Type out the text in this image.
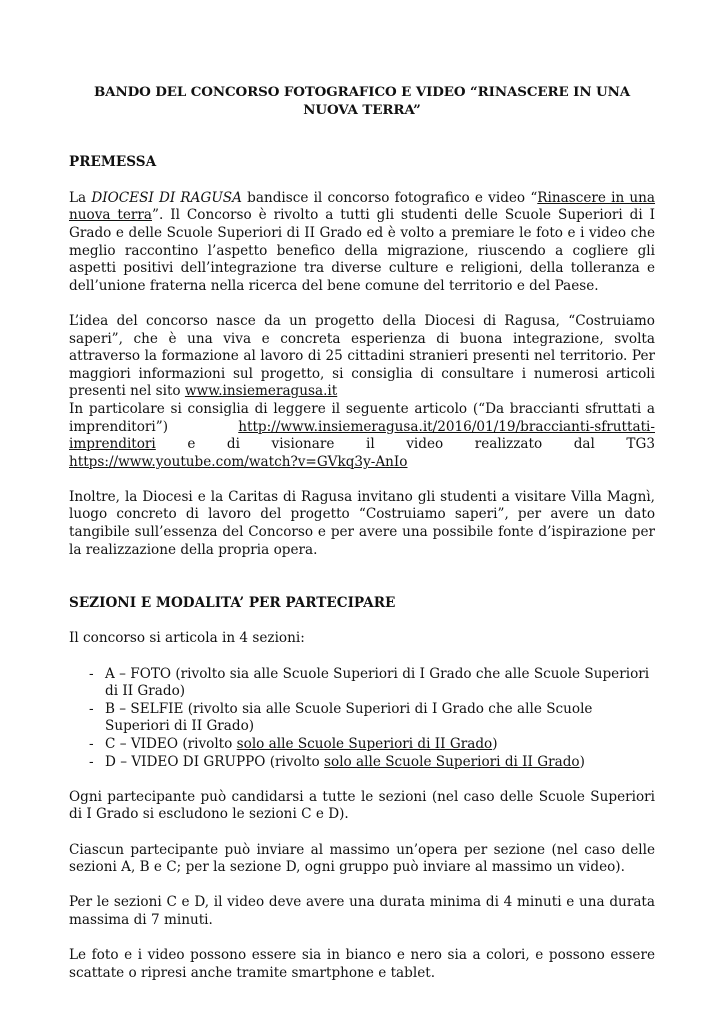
BANDO DEL CONCORSO FOTOGRAFICO E VIDEO “RINASCERE IN UNA NUOVA TERRA”
PREMESSA

La DIOCESI DI RAGUSA bandisce il concorso fotografico e video “Rinascere in una nuova terra”. Il Concorso è rivolto a tutti gli studenti delle Scuole Superiori di I Grado e delle Scuole Superiori di II Grado ed è volto a premiare le foto e i video che meglio raccontino l’aspetto benefico della migrazione, riuscendo a cogliere gli aspetti positivi dell’integrazione tra diverse culture e religioni, della tolleranza e dell’unione fraterna nella ricerca del bene comune del territorio e del Paese.

L’idea del concorso nasce da un progetto della Diocesi di Ragusa, “Costruiamo saperi”, che è una viva e concreta esperienza di buona integrazione, svolta attraverso la formazione al lavoro di 25 cittadini stranieri presenti nel territorio. Per maggiori informazioni sul progetto, si consiglia di consultare i numerosi articoli presenti nel sito www.insiemeragusa.it

In particolare si consiglia di leggere il seguente articolo (“Da braccianti sfruttati a imprenditori”) http://www.insiemeragusa.it/2016/01/19/braccianti-sfruttati-imprenditori e di visionare il video realizzato dal TG3 https://www.youtube.com/watch?v=GVkq3y-AnIo

Inoltre, la Diocesi e la Caritas di Ragusa invitano gli studenti a visitare Villa Magnì, luogo concreto di lavoro del progetto “Costruiamo saperi”, per avere un dato tangibile sull’essenza del Concorso e per avere una possibile fonte d’ispirazione per la realizzazione della propria opera.

SEZIONI E MODALITA’ PER PARTECIPARE

Il concorso si articola in 4 sezioni:

- A – FOTO (rivolto sia alle Scuole Superiori di I Grado che alle Scuole Superiori di II Grado)
- B – SELFIE (rivolto sia alle Scuole Superiori di I Grado che alle Scuole Superiori di II Grado)
- C – VIDEO (rivolto solo alle Scuole Superiori di II Grado)
- D – VIDEO DI GRUPPO (rivolto solo alle Scuole Superiori di II Grado)

Ogni partecipante può candidarsi a tutte le sezioni (nel caso delle Scuole Superiori di I Grado si escludono le sezioni C e D).

Ciascun partecipante può inviare al massimo un’opera per sezione (nel caso delle sezioni A, B e C; per la sezione D, ogni gruppo può inviare al massimo un video).

Per le sezioni C e D, il video deve avere una durata minima di 4 minuti e una durata massima di 7 minuti.

Le foto e i video possono essere sia in bianco e nero sia a colori, e possono essere scattate o ripresi anche tramite smartphone e tablet.
